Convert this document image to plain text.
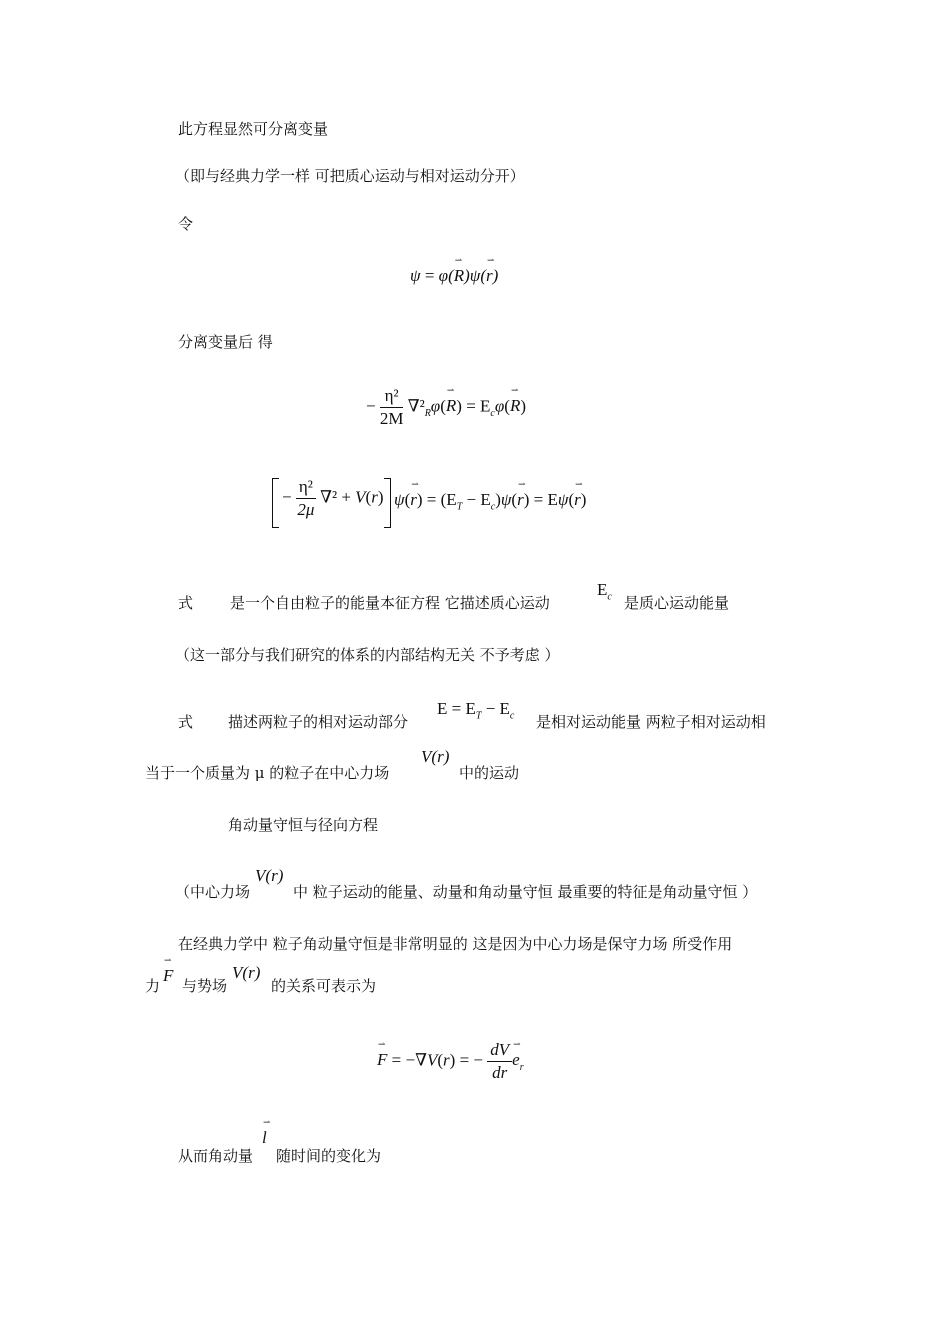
此方程显然可分离变量
（即与经典力学一样 可把质心运动与相对运动分开）
令
ψ = φ(⇀ R)ψ(⇀ r)
分离变量后 得
− $\frac{\text{η²}}{2M}$ $\nabla^2_R\varphi(⇀$ $R) = E_c\varphi(⇀$ R)
− $\frac{\text{η²}}{2\mu} \nabla^2 + V(r)$ ψ(⇀ $r) = (E_T$ − $E_c)\psi(⇀$ r) = Eψ(⇀ r)
式 是一个自由粒子的能量本征方程 它描述质心运动
$E_c$ 是质心运动能量
（这一部分与我们研究的体系的内部结构无关 不予考虑 ）
式 描述两粒子的相对运动部分
$E = E_T - E_c$ 是相对运动能量 两粒子相对运动相
当于一个质量为 μ 的粒子在中心力场
V(r)
中的运动
角动量守恒与径向方程
（中心力场
V(r)
中 粒子运动的能量、动量和角动量守恒 最重要的特征是角动量守恒 ）
在经典力学中 粒子角动量守恒是非常明显的 这是因为中心力场是保守力场 所受作用
力
⇀ F
与势场
V(r)
的关系可表示为
⇀ F = −∇V(r) = − $\frac{dV}{dr}$
⇀ $e_r$
从而角动量
⇀ l
随时间的变化为
